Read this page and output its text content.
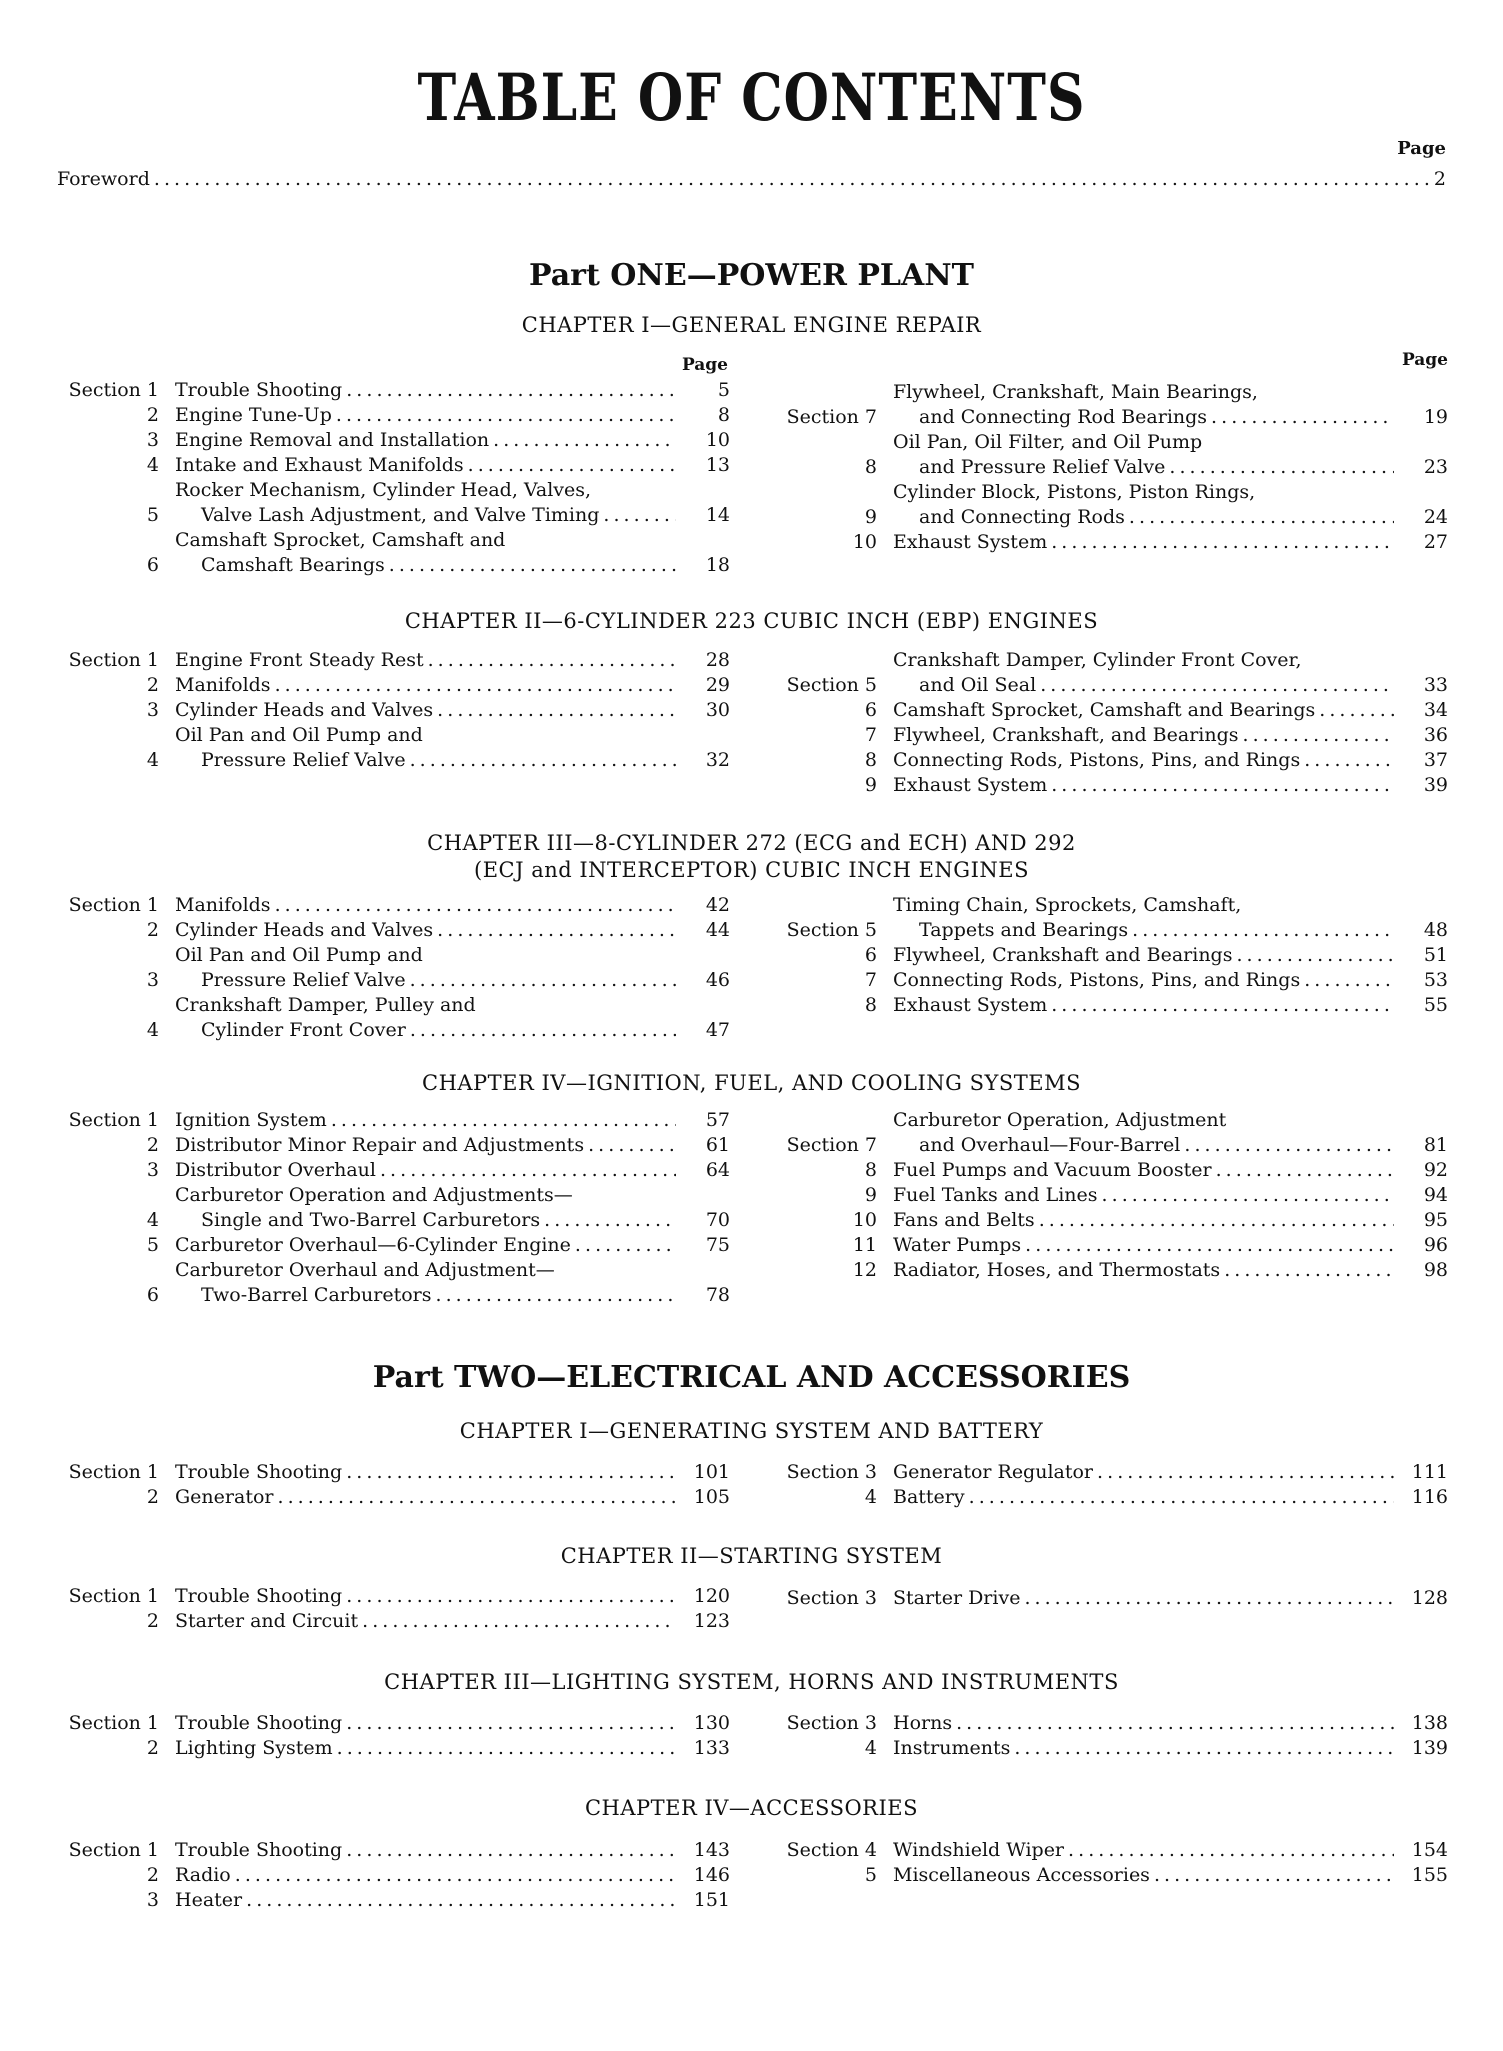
TABLE OF CONTENTS
Page
Foreword . . .	2
Part ONE—POWER PLANT
CHAPTER I—GENERAL ENGINE REPAIR
Page	Page
Section 1 Trouble Shooting . . .	5
2 Engine Tune-Up . . .	8
3 Engine Removal and Installation . . .	10
4 Intake and Exhaust Manifolds . . .	13
5
Rocker Mechanism, Cylinder Head, Valves,
Valve Lash Adjustment, and Valve Timing . . .	14
6
Camshaft Sprocket, Camshaft and
Camshaft Bearings . . .	18
Section 7
Flywheel, Crankshaft, Main Bearings,
and Connecting Rod Bearings . . .	19
8
Oil Pan, Oil Filter, and Oil Pump
and Pressure Relief Valve . . .	23
9
Cylinder Block, Pistons, Piston Rings,
and Connecting Rods . . .	24
10 Exhaust System . . .	27
CHAPTER II—6-CYLINDER 223 CUBIC INCH (EBP) ENGINES
Section 1 Engine Front Steady Rest . . .	28
2 Manifolds . . .	29
3 Cylinder Heads and Valves . . .	30
4
Oil Pan and Oil Pump and
Pressure Relief Valve . . .	32
Section 5
Crankshaft Damper, Cylinder Front Cover,
and Oil Seal . . .	33
6 Camshaft Sprocket, Camshaft and Bearings . . .	34
7 Flywheel, Crankshaft, and Bearings . . .	36
8 Connecting Rods, Pistons, Pins, and Rings . . .	37
9 Exhaust System . . .	39
CHAPTER III—8-CYLINDER 272 (ECG and ECH) AND 292
(ECJ and INTERCEPTOR) CUBIC INCH ENGINES
Section 1 Manifolds . . .	42
2 Cylinder Heads and Valves . . .	44
3
Oil Pan and Oil Pump and
Pressure Relief Valve . . .	46
4
Crankshaft Damper, Pulley and
Cylinder Front Cover . . .	47
Section 5
Timing Chain, Sprockets, Camshaft,
Tappets and Bearings . . .	48
6 Flywheel, Crankshaft and Bearings . . .	51
7 Connecting Rods, Pistons, Pins, and Rings . . .	53
8 Exhaust System . . .	55
CHAPTER IV—IGNITION, FUEL, AND COOLING SYSTEMS
Section 1 Ignition System . . .	57
2 Distributor Minor Repair and Adjustments . . .	61
3 Distributor Overhaul . . .	64
4
Carburetor Operation and Adjustments—
Single and Two-Barrel Carburetors . . .	70
5 Carburetor Overhaul—6-Cylinder Engine . . .	75
6
Carburetor Overhaul and Adjustment—
Two-Barrel Carburetors . . .	78
Section 7
Carburetor Operation, Adjustment
and Overhaul—Four-Barrel . . .	81
8 Fuel Pumps and Vacuum Booster . . .	92
9 Fuel Tanks and Lines . . .	94
10 Fans and Belts . . .	95
11 Water Pumps . . .	96
12 Radiator, Hoses, and Thermostats . . .	98
Part TWO—ELECTRICAL AND ACCESSORIES
CHAPTER I—GENERATING SYSTEM AND BATTERY
Section 1 Trouble Shooting . . .	101
2 Generator . . .	105
Section 3 Generator Regulator . . .	111
4 Battery . . .	116
CHAPTER II—STARTING SYSTEM
Section 1 Trouble Shooting . . .	120
2 Starter and Circuit . . .	123
Section 3 Starter Drive . . .	128
CHAPTER III—LIGHTING SYSTEM, HORNS AND INSTRUMENTS
Section 1 Trouble Shooting . . .	130
2 Lighting System . . .	133
Section 3 Horns . . .	138
4 Instruments . . .	139
CHAPTER IV—ACCESSORIES
Section 1 Trouble Shooting . . .	143
2 Radio . . .	146
3 Heater . . .	151
Section 4 Windshield Wiper . . .	154
5 Miscellaneous Accessories . . .	155
